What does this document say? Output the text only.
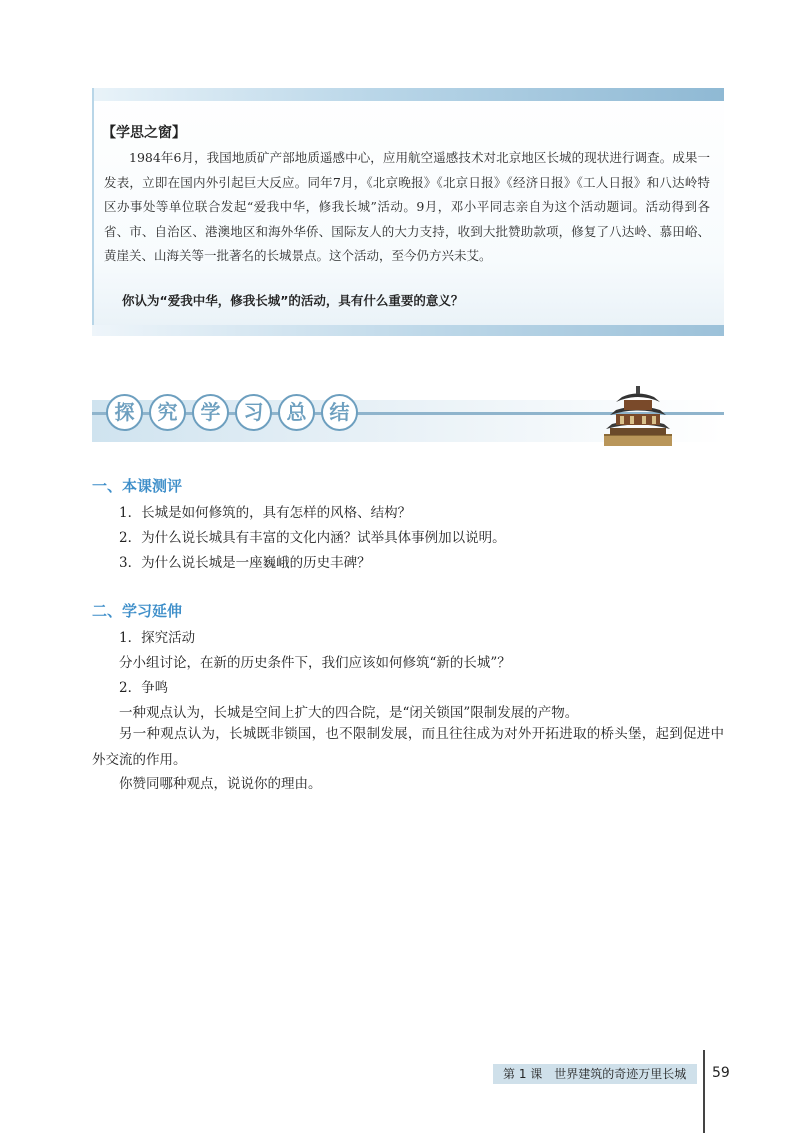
【学思之窗】
1984年6月，我国地质矿产部地质遥感中心，应用航空遥感技术对北京地区长城的现状进行调查。成果一发表，立即在国内外引起巨大反应。同年7月，《北京晚报》《北京日报》《经济日报》《工人日报》和八达岭特区办事处等单位联合发起“爱我中华，修我长城”活动。9月，邓小平同志亲自为这个活动题词。活动得到各省、市、自治区、港澳地区和海外华侨、国际友人的大力支持，收到大批赞助款项，修复了八达岭、慕田峪、黄崖关、山海关等一批著名的长城景点。这个活动，至今仍方兴未艾。
你认为“爱我中华，修我长城”的活动，具有什么重要的意义？
探 究 学 习 总 结
一、本课测评
1．长城是如何修筑的，具有怎样的风格、结构？
2．为什么说长城具有丰富的文化内涵？试举具体事例加以说明。
3．为什么说长城是一座巍峨的历史丰碑？
二、学习延伸
1．探究活动
分小组讨论，在新的历史条件下，我们应该如何修筑“新的长城”？
2．争鸣
一种观点认为，长城是空间上扩大的四合院，是“闭关锁国”限制发展的产物。
另一种观点认为，长城既非锁国，也不限制发展，而且往往成为对外开拓进取的桥头堡，起到促进中外交流的作用。
你赞同哪种观点，说说你的理由。
第 1 课　世界建筑的奇迹万里长城	59
